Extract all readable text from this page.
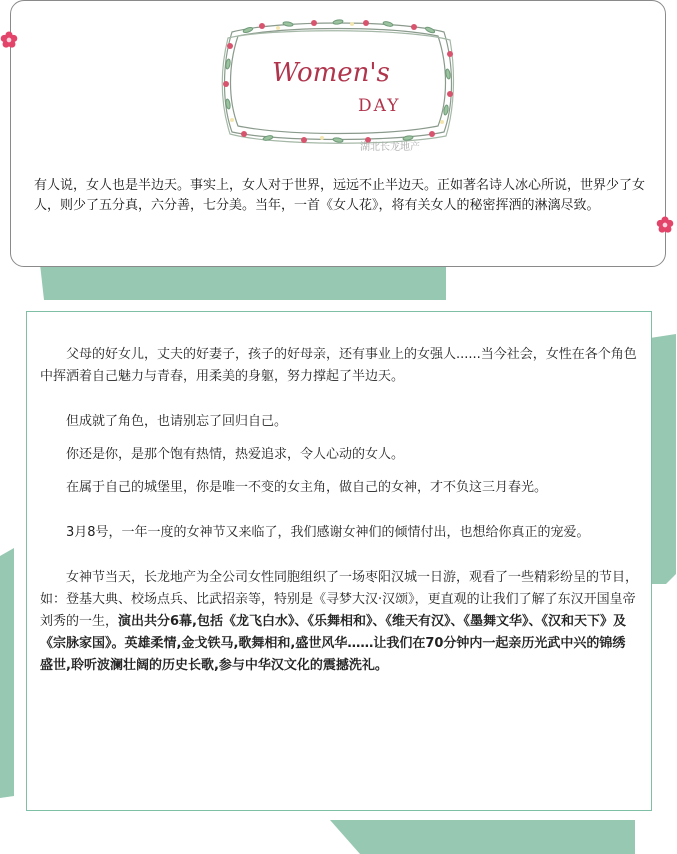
Women's
DAY
湖北长龙地产

有人说，女人也是半边天。事实上，女人对于世界，远远不止半边天。正如著名诗人冰心所说，世界少了女人，则少了五分真，六分善，七分美。当年，一首《女人花》，将有关女人的秘密挥洒的淋漓尽致。

父母的好女儿，丈夫的好妻子，孩子的好母亲，还有事业上的女强人......当今社会，女性在各个角色中挥洒着自己魅力与青春，用柔美的身躯，努力撑起了半边天。

但成就了角色，也请别忘了回归自己。

你还是你，是那个饱有热情，热爱追求，令人心动的女人。

在属于自己的城堡里，你是唯一不变的女主角，做自己的女神，才不负这三月春光。

3月8号，一年一度的女神节又来临了，我们感谢女神们的倾情付出，也想给你真正的宠爱。

女神节当天，长龙地产为全公司女性同胞组织了一场枣阳汉城一日游，观看了一些精彩纷呈的节目，如：登基大典、校场点兵、比武招亲等，特别是《寻梦大汉·汉颂》，更直观的让我们了解了东汉开国皇帝刘秀的一生，演出共分6幕,包括《龙飞白水》、《乐舞相和》、《维天有汉》、《墨舞文华》、《汉和天下》及《宗脉家国》。英雄柔情,金戈铁马,歌舞相和,盛世风华……让我们在70分钟内一起亲历光武中兴的锦绣盛世,聆听波澜壮阔的历史长歌,参与中华汉文化的震撼洗礼。
